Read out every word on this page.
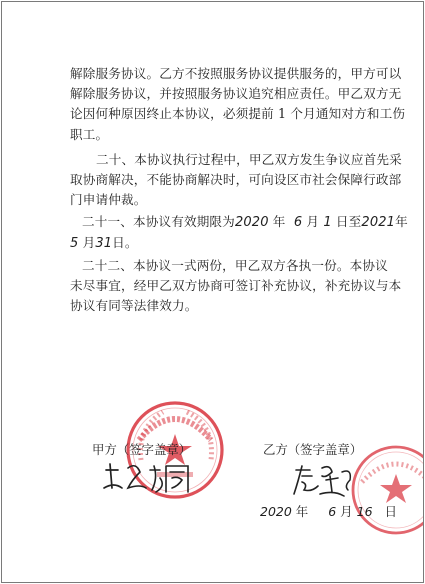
解除服务协议。乙方不按照服务协议提供服务的，甲方可以
解除服务协议，并按照服务协议追究相应责任。甲乙双方无
论因何种原因终止本协议，必须提前 1 个月通知对方和工伤
职工。
二十、本协议执行过程中，甲乙双方发生争议应首先采
取协商解决，不能协商解决时，可向设区市社会保障行政部
门申请仲裁。
二十一、本协议有效期限为2020 年 6 月 1 日至2021年
5 月31日。
二十二、本协议一式两份，甲乙双方各执一份。本协议
未尽事宜，经甲乙双方协商可签订补充协议，补充协议与本
协议有同等法律效力。
甲方（签字盖章）	乙方（签字盖章）
2020 年 6 月 16 日
